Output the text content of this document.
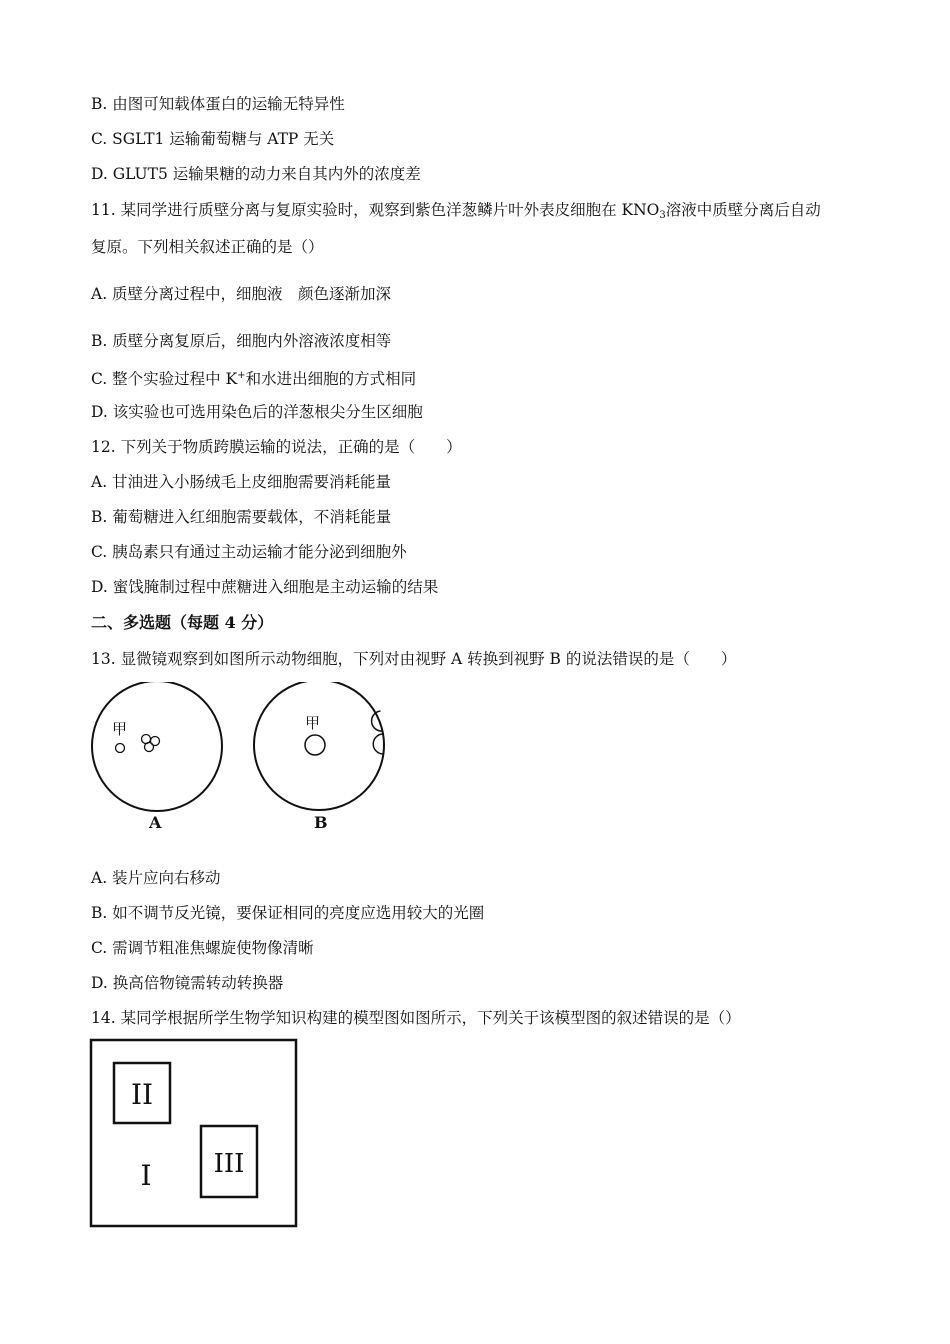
B. 由图可知载体蛋白的运输无特异性
C. SGLT1 运输葡萄糖与 ATP 无关
D. GLUT5 运输果糖的动力来自其内外的浓度差
11. 某同学进行质壁分离与复原实验时，观察到紫色洋葱鳞片叶外表皮细胞在 $KNO_3$溶液中质壁分离后自动
复原。下列相关叙述正确的是（）
A. 质壁分离过程中，细胞液　颜色逐渐加深
B. 质壁分离复原后，细胞内外溶液浓度相等
C. 整个实验过程中 K+和水进出细胞的方式相同
D. 该实验也可选用染色后的洋葱根尖分生区细胞
12. 下列关于物质跨膜运输的说法，正确的是（　　）
A. 甘油进入小肠绒毛上皮细胞需要消耗能量
B. 葡萄糖进入红细胞需要载体，不消耗能量
C. 胰岛素只有通过主动运输才能分泌到细胞外
D. 蜜饯腌制过程中蔗糖进入细胞是主动运输的结果
二、多选题（每题 4 分）
13. 显微镜观察到如图所示动物细胞，下列对由视野 A 转换到视野 B 的说法错误的是（　　）
甲
A
甲
B
A. 装片应向右移动
B. 如不调节反光镜，要保证相同的亮度应选用较大的光圈
C. 需调节粗准焦螺旋使物像清晰
D. 换高倍物镜需转动转换器
14. 某同学根据所学生物学知识构建的模型图如图所示，下列关于该模型图的叙述错误的是（）
II
III
I
